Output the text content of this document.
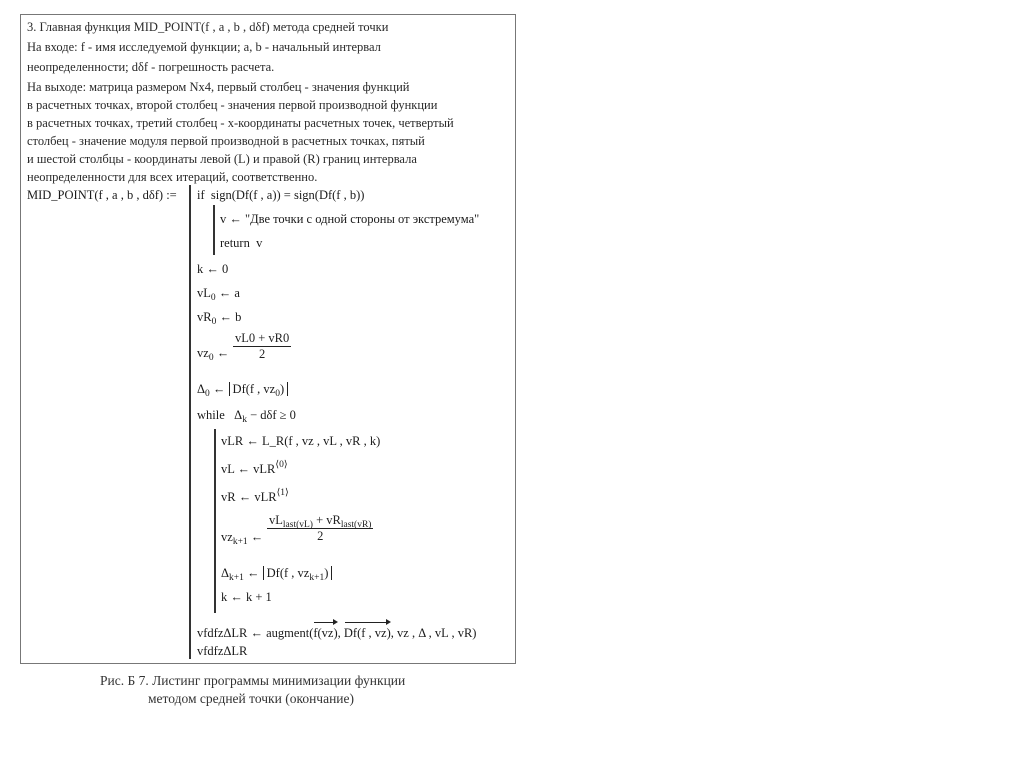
3. Главная функция MID_POINT(f , a , b , dδf) метода средней точки
На входе: f - имя исследуемой функции; a, b - начальный интервал
неопределенности; dδf - погрешность расчета.
На выходе: матрица размером Nx4, первый столбец - значения функций
в расчетных точках, второй столбец - значения первой производной функции
в расчетных точках, третий столбец - x-координаты расчетных точек, четвертый
столбец - значение модуля первой производной в расчетных точках, пятый
и шестой столбцы - координаты левой (L) и правой (R) границ интервала
неопределенности для всех итераций, соответственно.
MID_POINT(f , a , b , dδf) := if sign(Df(f , a)) = sign(Df(f , b))
v ← "Две точки с одной стороны от экстремума"
return v
k ← 0
$vL_0$ ← a
$vR_0$ ← b
$vz_0$ ← $\frac{vL0 + vR0}{2}$
$\Delta_0$ ← Df(f , $vz_0$)
while $\Delta_k - d\delta f \ge 0$
vLR ← L_R(f , vz , vL , vR , k)
vL ← vLR$^{⟨0⟩}$
vR ← vLR$^{⟨1⟩}$
$vz_{k+1}$ ←
$vL_{last(vL)} + vR_{last(vR)}$
2
$\Delta_{k+1}$ ← Df(f , $vz_{k+1}$)
k ← k + 1
vfdfzΔLR ← augment(f(vz), Df(f , vz), vz , Δ , vL , vR)
vfdfzΔLR
Рис. Б 7. Листинг программы минимизации функции
методом средней точки (окончание)
